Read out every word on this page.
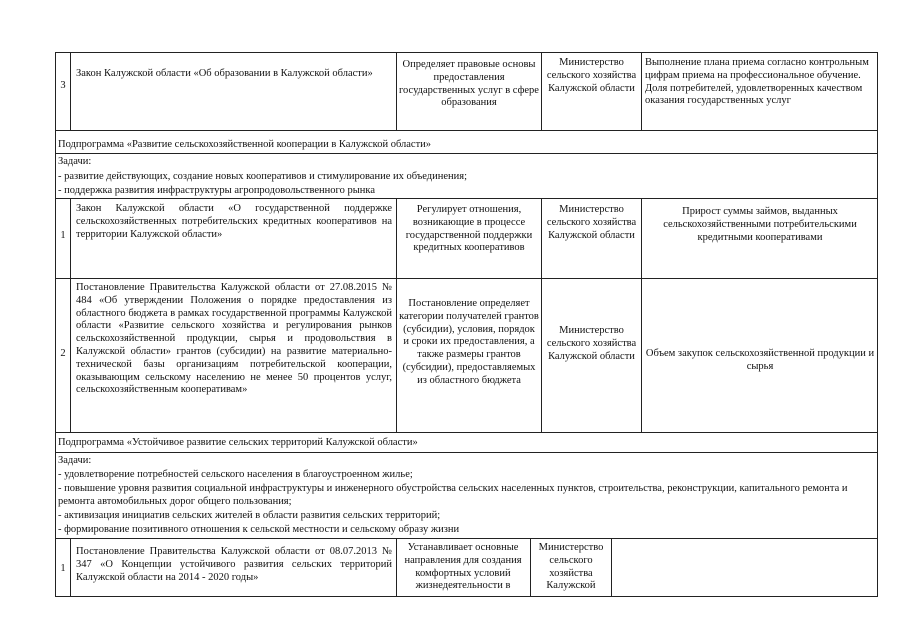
3
Закон Калужской области «Об образовании в Калужской области»
Определяет правовые основы предоставления государственных услуг в сфере образования
Министерство сельского хозяйства Калужской области
Выполнение плана приема согласно контрольным цифрам приема на профессиональное обучение. Доля потребителей, удовлетворенных качеством оказания государственных услуг
Подпрограмма «Развитие сельскохозяйственной кооперации в Калужской области»
Задачи:
- развитие действующих, создание новых кооперативов и стимулирование их объединения;
- поддержка развития инфраструктуры агропродовольственного рынка
1
Закон Калужской области «О государственной поддержке сельскохозяйственных потребительских кредитных кооперативов на территории Калужской области»
Регулирует отношения, возникающие в процессе государственной поддержки кредитных кооперативов
Министерство сельского хозяйства Калужской области
Прирост суммы займов, выданных сельскохозяйственными потребительскими кредитными кооперативами
2
Постановление Правительства Калужской области от 27.08.2015 № 484 «Об утверждении Положения о порядке предоставления из областного бюджета в рамках государственной программы Калужской области «Развитие сельского хозяйства и регулирования рынков сельскохозяйственной продукции, сырья и продовольствия в Калужской области» грантов (субсидии) на развитие материально-технической базы организациям потребительской кооперации, оказывающим сельскому населению не менее 50 процентов услуг, сельскохозяйственным кооперативам»
Постановление определяет категории получателей грантов (субсидии), условия, порядок и сроки их предоставления, а также размеры грантов (субсидии), предоставляемых из областного бюджета
Министерство сельского хозяйства Калужской области	Объем закупок сельскохозяйственной продукции и сырья
Подпрограмма «Устойчивое развитие сельских территорий Калужской области»
Задачи:
- удовлетворение потребностей сельского населения в благоустроенном жилье;
- повышение уровня развития социальной инфраструктуры и инженерного обустройства сельских населенных пунктов, строительства, реконструкции, капитального ремонта и ремонта автомобильных дорог общего пользования;
- активизация инициатив сельских жителей в области развития сельских территорий;
- формирование позитивного отношения к сельской местности и сельскому образу жизни
1
Постановление Правительства Калужской области от 08.07.2013 № 347 «О Концепции устойчивого развития сельских территорий Калужской области на 2014 - 2020 годы»
Устанавливает основные направления для создания комфортных условий жизнедеятельности в
Министерство сельского хозяйства Калужской
